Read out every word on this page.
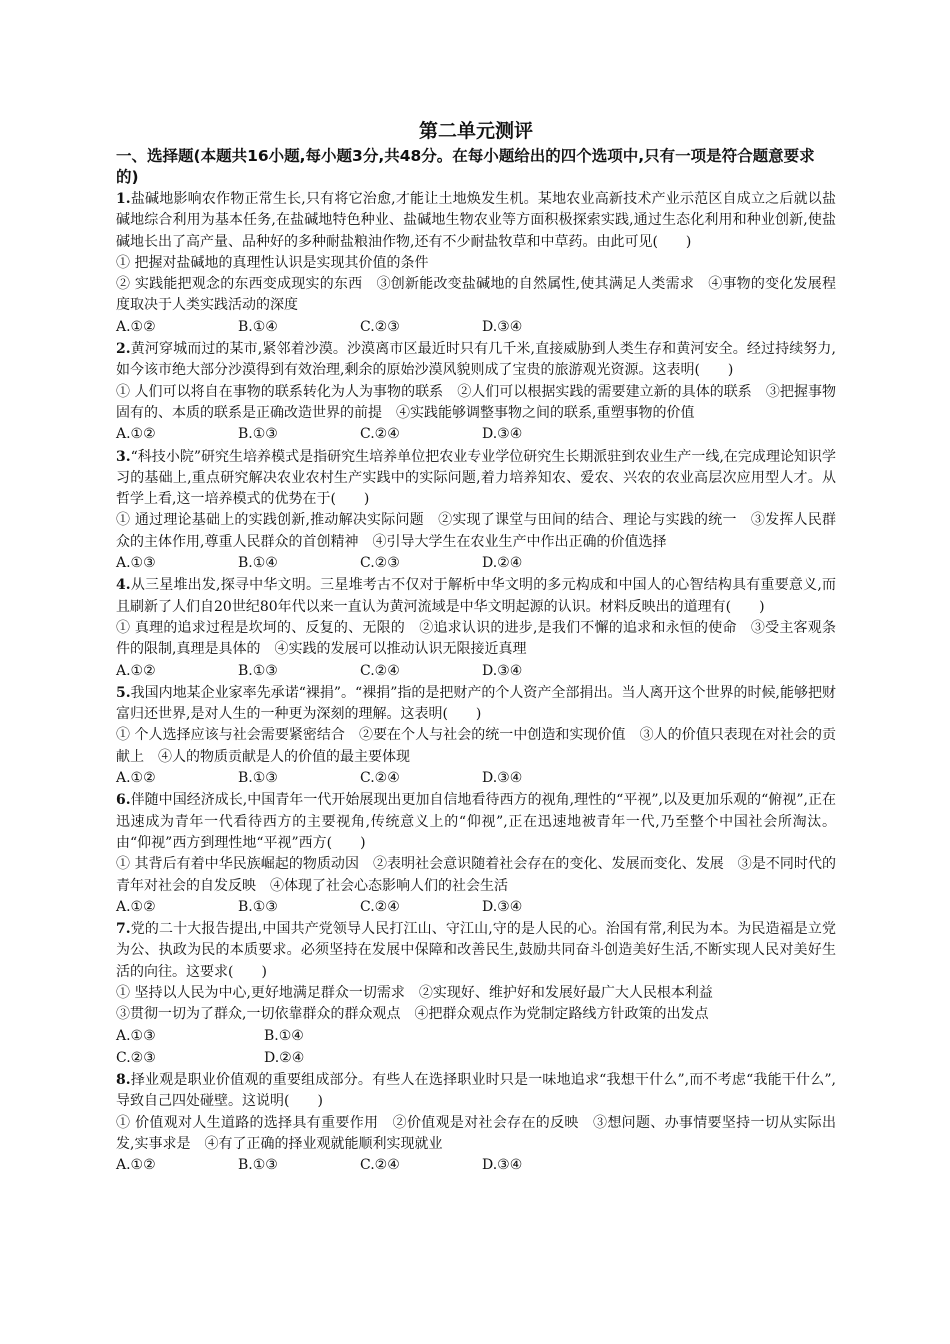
第二单元测评
一、选择题(本题共16小题,每小题3分,共48分。在每小题给出的四个选项中,只有一项是符合题意要求的)

1.盐碱地影响农作物正常生长,只有将它治愈,才能让土地焕发生机。某地农业高新技术产业示范区自成立之后就以盐碱地综合利用为基本任务,在盐碱地特色种业、盐碱地生物农业等方面积极探索实践,通过生态化利用和种业创新,使盐碱地长出了高产量、品种好的多种耐盐粮油作物,还有不少耐盐牧草和中草药。由此可见(　　)

① 把握对盐碱地的真理性认识是实现其价值的条件

② 实践能把观念的东西变成现实的东西　③创新能改变盐碱地的自然属性,使其满足人类需求　④事物的变化发展程度取决于人类实践活动的深度

A.①②	B.①④	C.②③	D.③④

2.黄河穿城而过的某市,紧邻着沙漠。沙漠离市区最近时只有几千米,直接威胁到人类生存和黄河安全。经过持续努力,如今该市绝大部分沙漠得到有效治理,剩余的原始沙漠风貌则成了宝贵的旅游观光资源。这表明(　　)

① 人们可以将自在事物的联系转化为人为事物的联系　②人们可以根据实践的需要建立新的具体的联系　③把握事物固有的、本质的联系是正确改造世界的前提　④实践能够调整事物之间的联系,重塑事物的价值

A.①②	B.①③	C.②④	D.③④

3.“科技小院”研究生培养模式是指研究生培养单位把农业专业学位研究生长期派驻到农业生产一线,在完成理论知识学习的基础上,重点研究解决农业农村生产实践中的实际问题,着力培养知农、爱农、兴农的农业高层次应用型人才。从哲学上看,这一培养模式的优势在于(　　)

① 通过理论基础上的实践创新,推动解决实际问题　②实现了课堂与田间的结合、理论与实践的统一　③发挥人民群众的主体作用,尊重人民群众的首创精神　④引导大学生在农业生产中作出正确的价值选择

A.①③	B.①④	C.②③	D.②④

4.从三星堆出发,探寻中华文明。三星堆考古不仅对于解析中华文明的多元构成和中国人的心智结构具有重要意义,而且刷新了人们自20世纪80年代以来一直认为黄河流域是中华文明起源的认识。材料反映出的道理有(　　)

① 真理的追求过程是坎坷的、反复的、无限的　②追求认识的进步,是我们不懈的追求和永恒的使命　③受主客观条件的限制,真理是具体的　④实践的发展可以推动认识无限接近真理

A.①②	B.①③	C.②④	D.③④

5.我国内地某企业家率先承诺“裸捐”。“裸捐”指的是把财产的个人资产全部捐出。当人离开这个世界的时候,能够把财富归还世界,是对人生的一种更为深刻的理解。这表明(　　)

① 个人选择应该与社会需要紧密结合　②要在个人与社会的统一中创造和实现价值　③人的价值只表现在对社会的贡献上　④人的物质贡献是人的价值的最主要体现

A.①②	B.①③	C.②④	D.③④

6.伴随中国经济成长,中国青年一代开始展现出更加自信地看待西方的视角,理性的“平视”,以及更加乐观的“俯视”,正在迅速成为青年一代看待西方的主要视角,传统意义上的“仰视”,正在迅速地被青年一代,乃至整个中国社会所淘汰。由“仰视”西方到理性地“平视”西方(　　)

① 其背后有着中华民族崛起的物质动因　②表明社会意识随着社会存在的变化、发展而变化、发展　③是不同时代的青年对社会的自发反映　④体现了社会心态影响人们的社会生活

A.①②	B.①③	C.②④	D.③④

7.党的二十大报告提出,中国共产党领导人民打江山、守江山,守的是人民的心。治国有常,利民为本。为民造福是立党为公、执政为民的本质要求。必须坚持在发展中保障和改善民生,鼓励共同奋斗创造美好生活,不断实现人民对美好生活的向往。这要求(　　)

① 坚持以人民为中心,更好地满足群众一切需求　②实现好、维护好和发展好最广大人民根本利益

③贯彻一切为了群众,一切依靠群众的群众观点　④把群众观点作为党制定路线方针政策的出发点

A.①③	B.①④
C.②③	D.②④

8.择业观是职业价值观的重要组成部分。有些人在选择职业时只是一味地追求“我想干什么”,而不考虑“我能干什么”,导致自己四处碰壁。这说明(　　)

① 价值观对人生道路的选择具有重要作用　②价值观是对社会存在的反映　③想问题、办事情要坚持一切从实际出发,实事求是　④有了正确的择业观就能顺利实现就业

A.①②	B.①③	C.②④	D.③④
